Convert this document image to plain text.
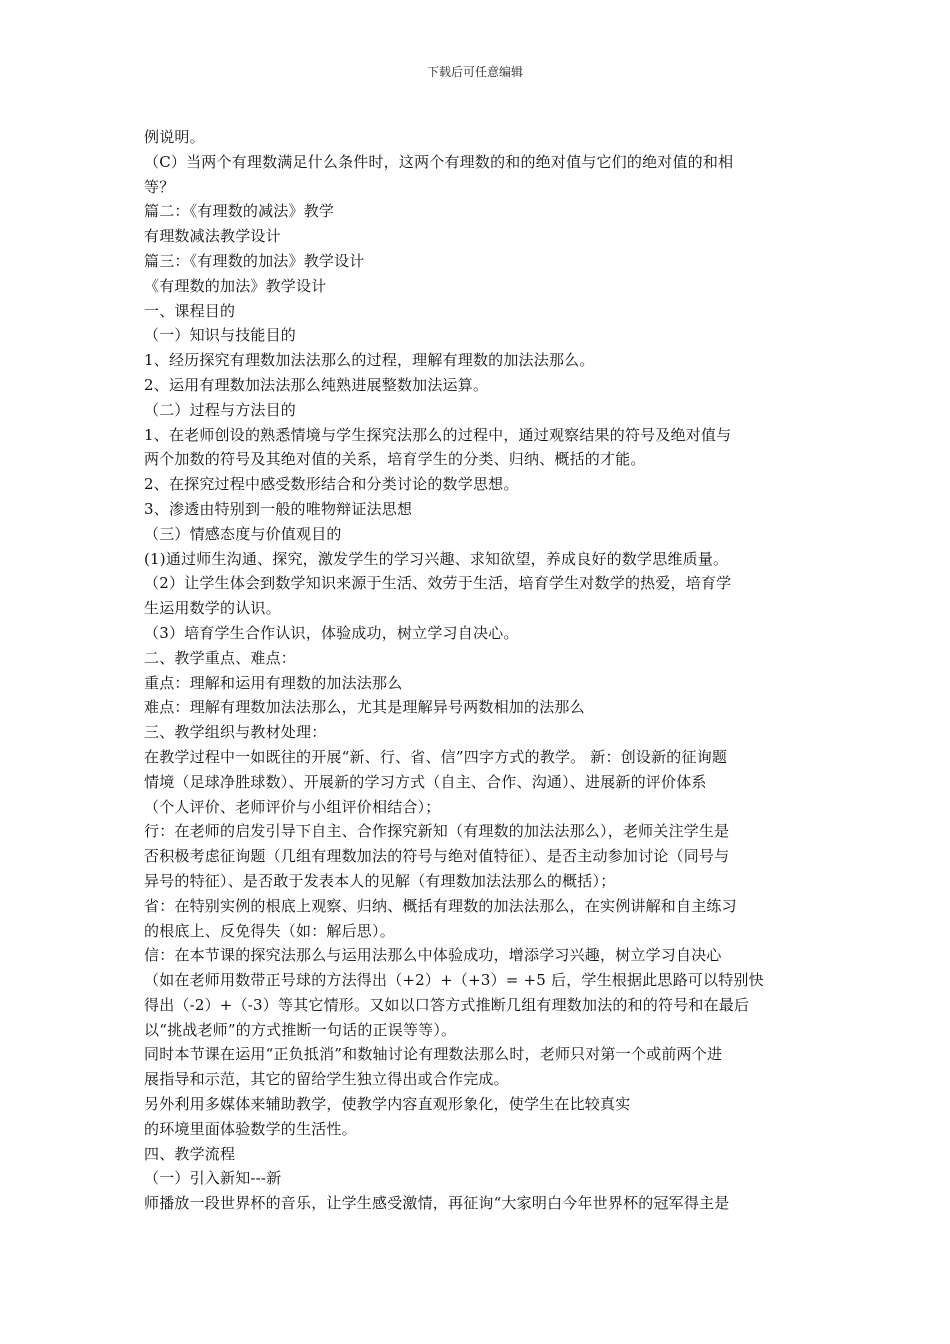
下载后可任意编辑
例说明。
（C）当两个有理数满足什么条件时，这两个有理数的和的绝对值与它们的绝对值的和相
等？
篇二：《有理数的减法》教学
有理数减法教学设计
篇三：《有理数的加法》教学设计
《有理数的加法》教学设计
一、课程目的
（一）知识与技能目的
1、经历探究有理数加法法那么的过程，理解有理数的加法法那么。
2、运用有理数加法法那么纯熟进展整数加法运算。
（二）过程与方法目的
1、在老师创设的熟悉情境与学生探究法那么的过程中，通过观察结果的符号及绝对值与
两个加数的符号及其绝对值的关系，培育学生的分类、归纳、概括的才能。
2、在探究过程中感受数形结合和分类讨论的数学思想。
3、渗透由特别到一般的唯物辩证法思想
（三）情感态度与价值观目的
(1)通过师生沟通、探究，激发学生的学习兴趣、求知欲望，养成良好的数学思维质量。
（2）让学生体会到数学知识来源于生活、效劳于生活，培育学生对数学的热爱，培育学
生运用数学的认识。
（3）培育学生合作认识，体验成功，树立学习自决心。
二、教学重点、难点：
重点：理解和运用有理数的加法法那么
难点：理解有理数加法法那么，尤其是理解异号两数相加的法那么
三、教学组织与教材处理：
在教学过程中一如既往的开展“新、行、省、信”四字方式的教学。 新：创设新的征询题
情境（足球净胜球数）、开展新的学习方式（自主、合作、沟通）、进展新的评价体系
（个人评价、老师评价与小组评价相结合）；
行：在老师的启发引导下自主、合作探究新知（有理数的加法法那么），老师关注学生是
否积极考虑征询题（几组有理数加法的符号与绝对值特征）、是否主动参加讨论（同号与
异号的特征）、是否敢于发表本人的见解（有理数加法法那么的概括）；
省：在特别实例的根底上观察、归纳、概括有理数的加法法那么，在实例讲解和自主练习
的根底上、反免得失（如：解后思）。
信：在本节课的探究法那么与运用法那么中体验成功，增添学习兴趣，树立学习自决心
（如在老师用数带正号球的方法得出（+2）+（+3）= +5 后，学生根据此思路可以特别快
得出（-2）+（-3）等其它情形。又如以口答方式推断几组有理数加法的和的符号和在最后
以“挑战老师”的方式推断一句话的正误等等）。
同时本节课在运用“正负抵消”和数轴讨论有理数法那么时，老师只对第一个或前两个进
展指导和示范，其它的留给学生独立得出或合作完成。
另外利用多媒体来辅助教学，使教学内容直观形象化，使学生在比较真实
的环境里面体验数学的生活性。
四、教学流程
（一）引入新知---新
师播放一段世界杯的音乐，让学生感受激情，再征询“大家明白今年世界杯的冠军得主是
